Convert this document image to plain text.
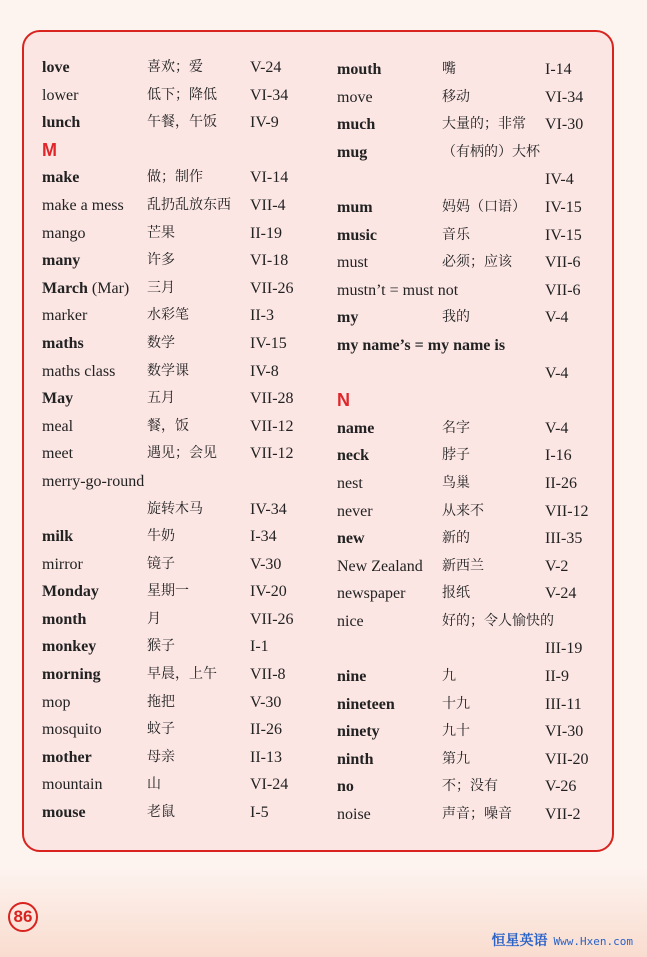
love	喜欢；爱	V-24
lower	低下；降低 VI-34
lunch	午餐，午饭 IV-9
M
make	做；制作	VI-14
make a mess 乱扔乱放东西 VII-4
mango	芒果	II-19
many	许多	VI-18
March (Mar) 三月	VII-26
marker	水彩笔	II-3
maths	数学	IV-15
maths class 数学课	IV-8
May	五月	VII-28
meal	餐，饭	VII-12
meet	遇见；会见 VII-12
merry-go-round
旋转木马	IV-34
milk	牛奶	I-34
mirror	镜子	V-30
Monday	星期一	IV-20
month	月	VII-26
monkey	猴子	I-1
morning	早晨，上午 VII-8
mop	拖把	V-30
mosquito	蚊子	II-26
mother	母亲	II-13
mountain	山	VI-24
mouse	老鼠	I-5
mouth	嘴	I-14
move	移动	VI-34
much	大量的；非常 VI-30
mug	（有柄的）大杯
IV-4
mum	妈妈（口语） IV-15
music	音乐	IV-15
must	必须；应该 VII-6
mustn’t = must not	VII-6
my	我的	V-4
my name’s = my name is
V-4
N
name	名字	V-4
neck	脖子	I-16
nest	鸟巢	II-26
never	从来不	VII-12
new	新的	III-35
New Zealand 新西兰	V-2
newspaper	报纸	V-24
nice	好的；令人愉快的
III-19
nine	九	II-9
nineteen	十九	III-11
ninety	九十	VI-30
ninth	第九	VII-20
no	不；没有	V-26
noise	声音；噪音 VII-2
86
恒星英语 Www.Hxen.com
